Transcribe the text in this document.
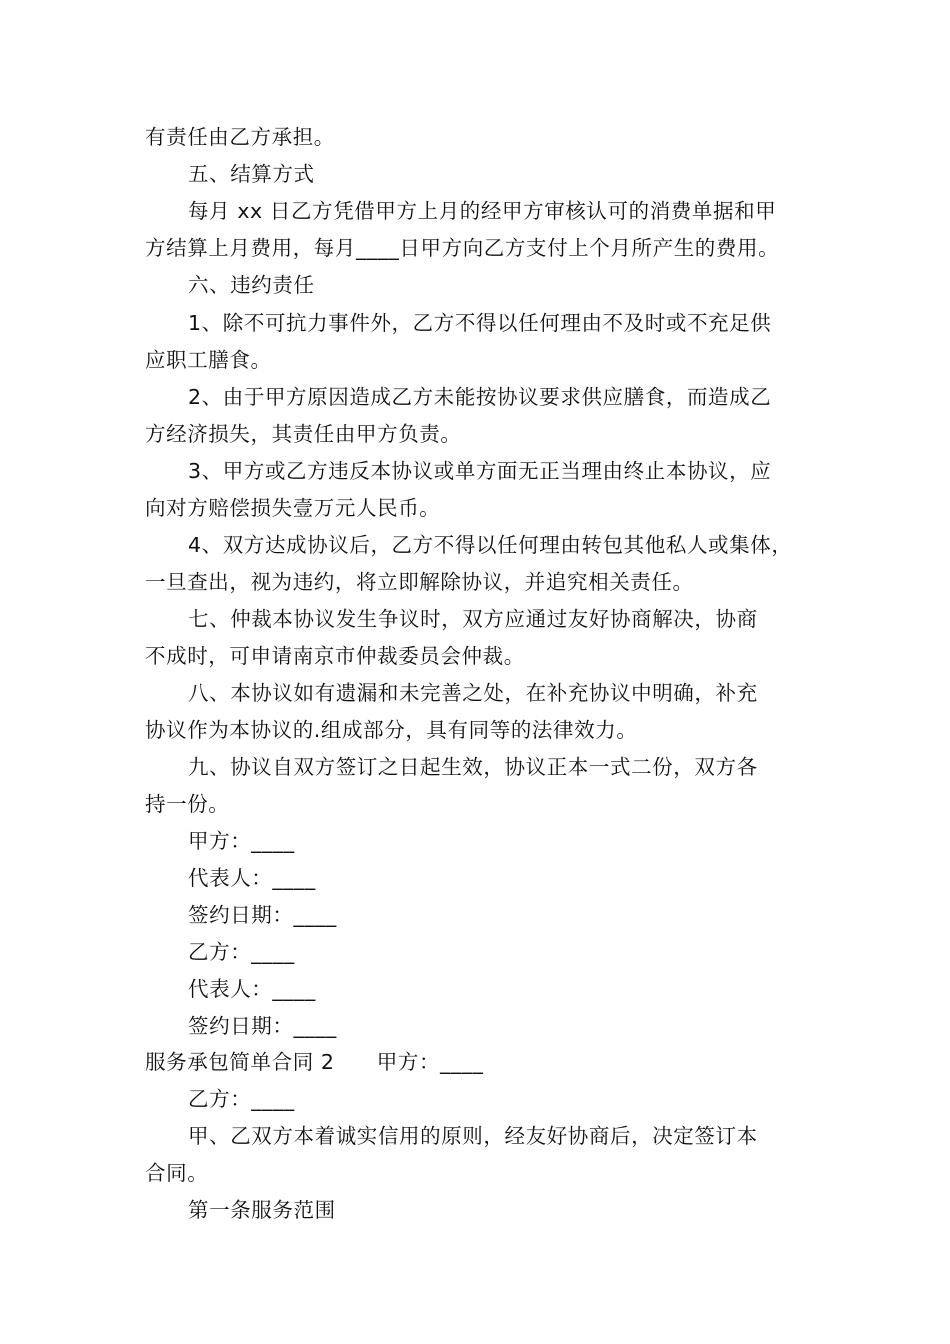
有责任由乙方承担。
五、结算方式
每月 xx 日乙方凭借甲方上月的经甲方审核认可的消费单据和甲
方结算上月费用，每月____日甲方向乙方支付上个月所产生的费用。
六、违约责任
1、除不可抗力事件外，乙方不得以任何理由不及时或不充足供
应职工膳食。
2、由于甲方原因造成乙方未能按协议要求供应膳食，而造成乙
方经济损失，其责任由甲方负责。
3、甲方或乙方违反本协议或单方面无正当理由终止本协议，应
向对方赔偿损失壹万元人民币。
4、双方达成协议后，乙方不得以任何理由转包其他私人或集体，
一旦查出，视为违约，将立即解除协议，并追究相关责任。
七、仲裁本协议发生争议时，双方应通过友好协商解决，协商
不成时，可申请南京市仲裁委员会仲裁。
八、本协议如有遗漏和未完善之处，在补充协议中明确，补充
协议作为本协议的.组成部分，具有同等的法律效力。
九、协议自双方签订之日起生效，协议正本一式二份，双方各
持一份。
甲方：____
代表人：____
签约日期：____
乙方：____
代表人：____
签约日期：____
服务承包简单合同 2　　甲方：____
乙方：____
甲、乙双方本着诚实信用的原则，经友好协商后，决定签订本
合同。
第一条服务范围
